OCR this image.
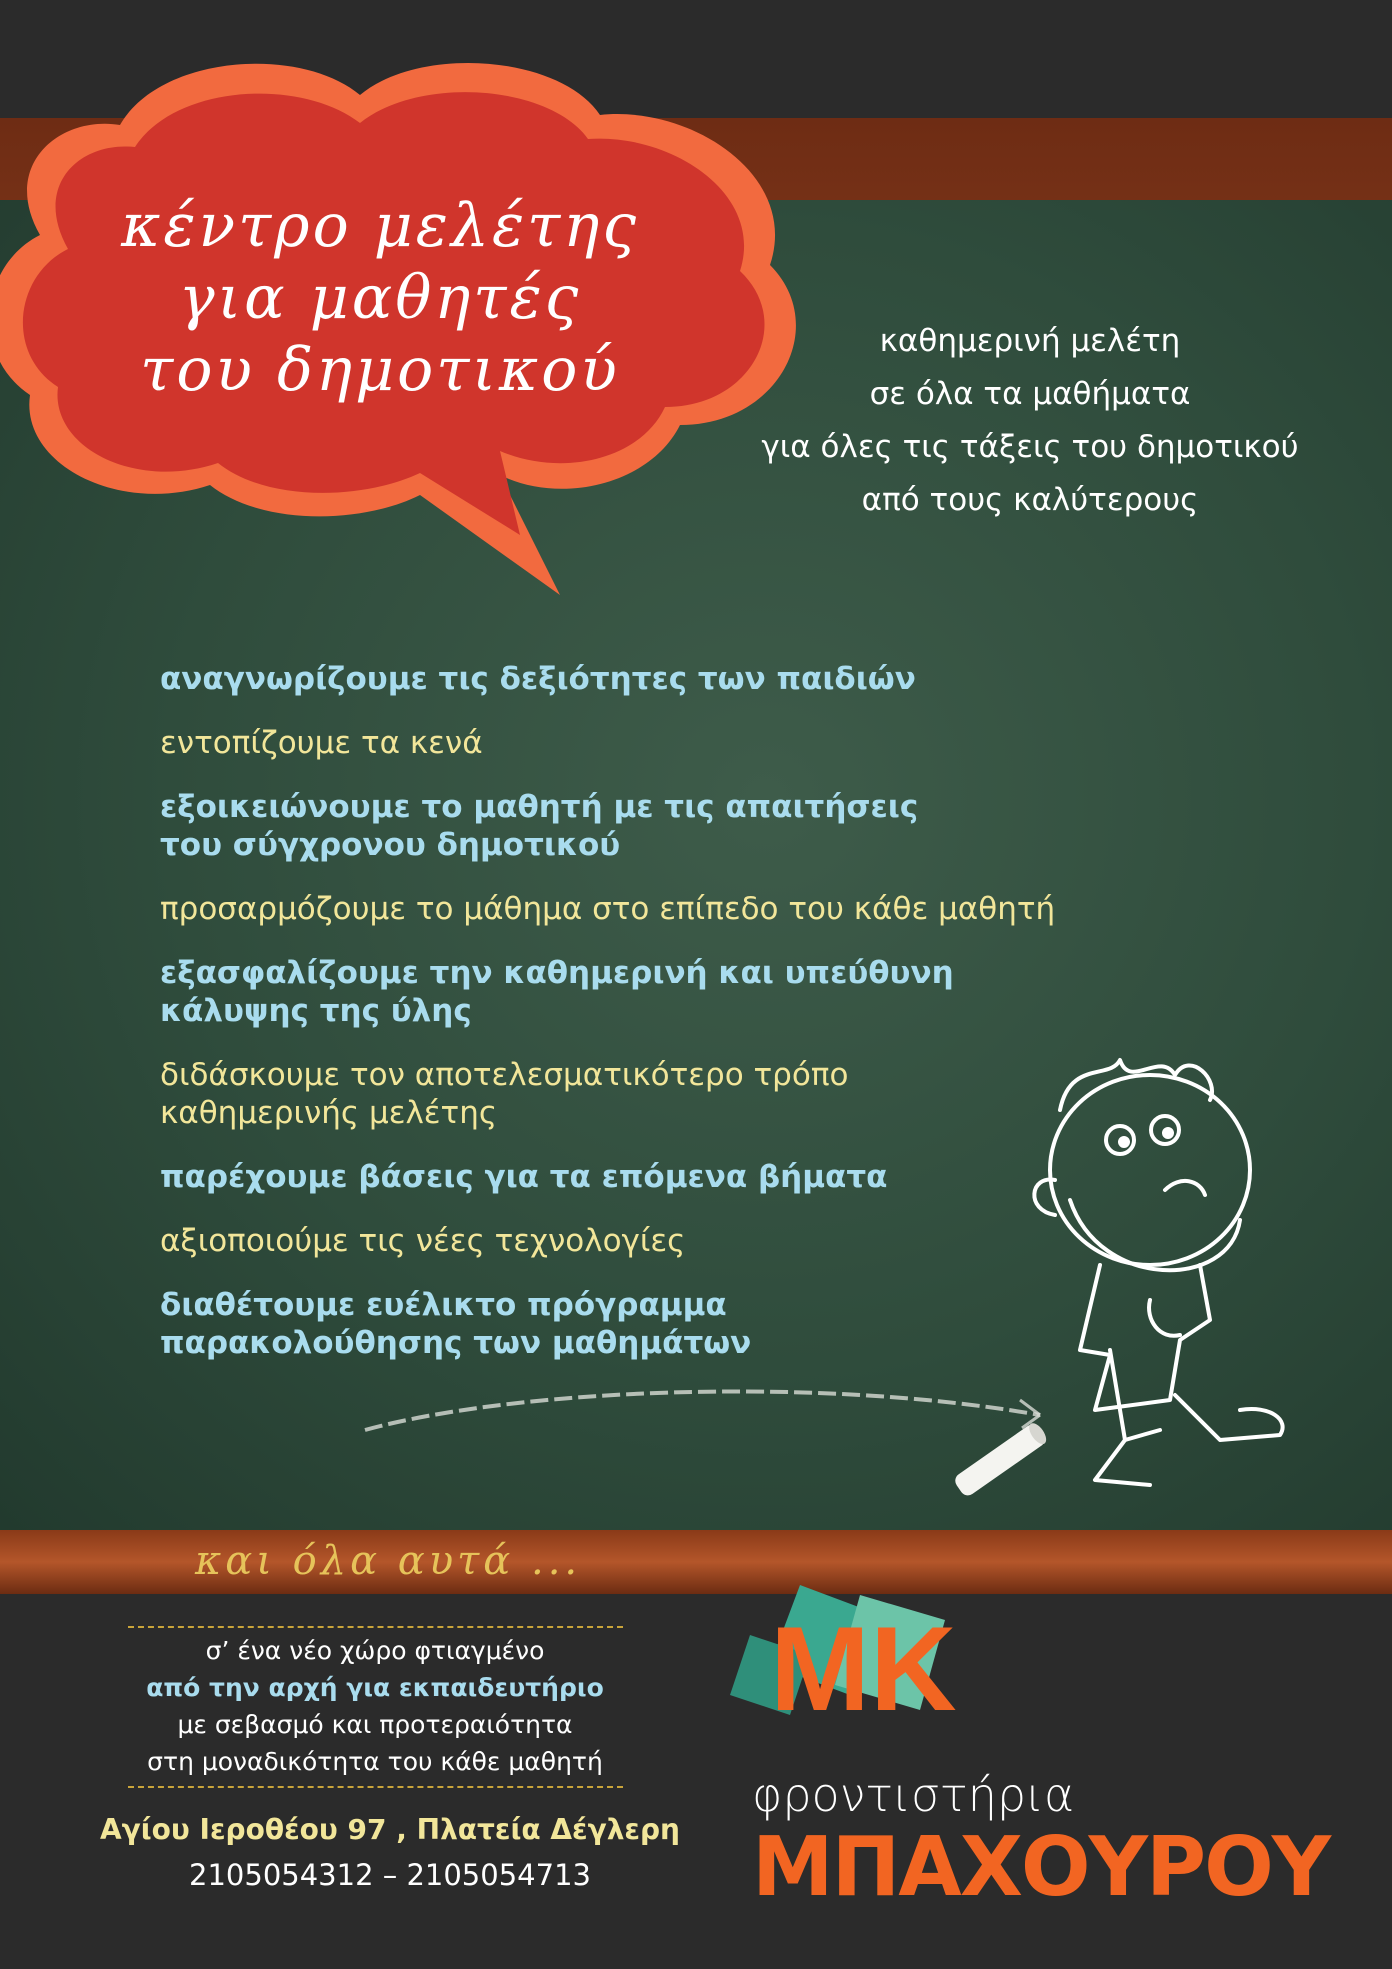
κέντρο μελέτης
για μαθητές
του δημοτικού	καθημερινή μελέτη
σε όλα τα μαθήματα
για όλες τις τάξεις του δημοτικού
από τους καλύτερους
αναγνωρίζουμε τις δεξιότητες των παιδιών
εντοπίζουμε τα κενά
εξοικειώνουμε το μαθητή με τις απαιτήσεις
του σύγχρονου δημοτικού
προσαρμόζουμε το μάθημα στο επίπεδο του κάθε μαθητή
εξασφαλίζουμε την καθημερινή και υπεύθυνη
κάλυψης της ύλης
διδάσκουμε τον αποτελεσματικότερο τρόπο
καθημερινής μελέτης
παρέχουμε βάσεις για τα επόμενα βήματα
αξιοποιούμε τις νέες τεχνολογίες
διαθέτουμε ευέλικτο πρόγραμμα
παρακολούθησης των μαθημάτων
και όλα αυτά ...
σ’ ένα νέο χώρο φτιαγμένο
από την αρχή για εκπαιδευτήριο
με σεβασμό και προτεραιότητα
στη μοναδικότητα του κάθε μαθητή
Αγίου Ιεροθέου 97 , Πλατεία Δέγλερη
2105054312 – 2105054713
ΜΚ
φροντιστήρια
ΜΠΑΧΟΥΡΟΥ
